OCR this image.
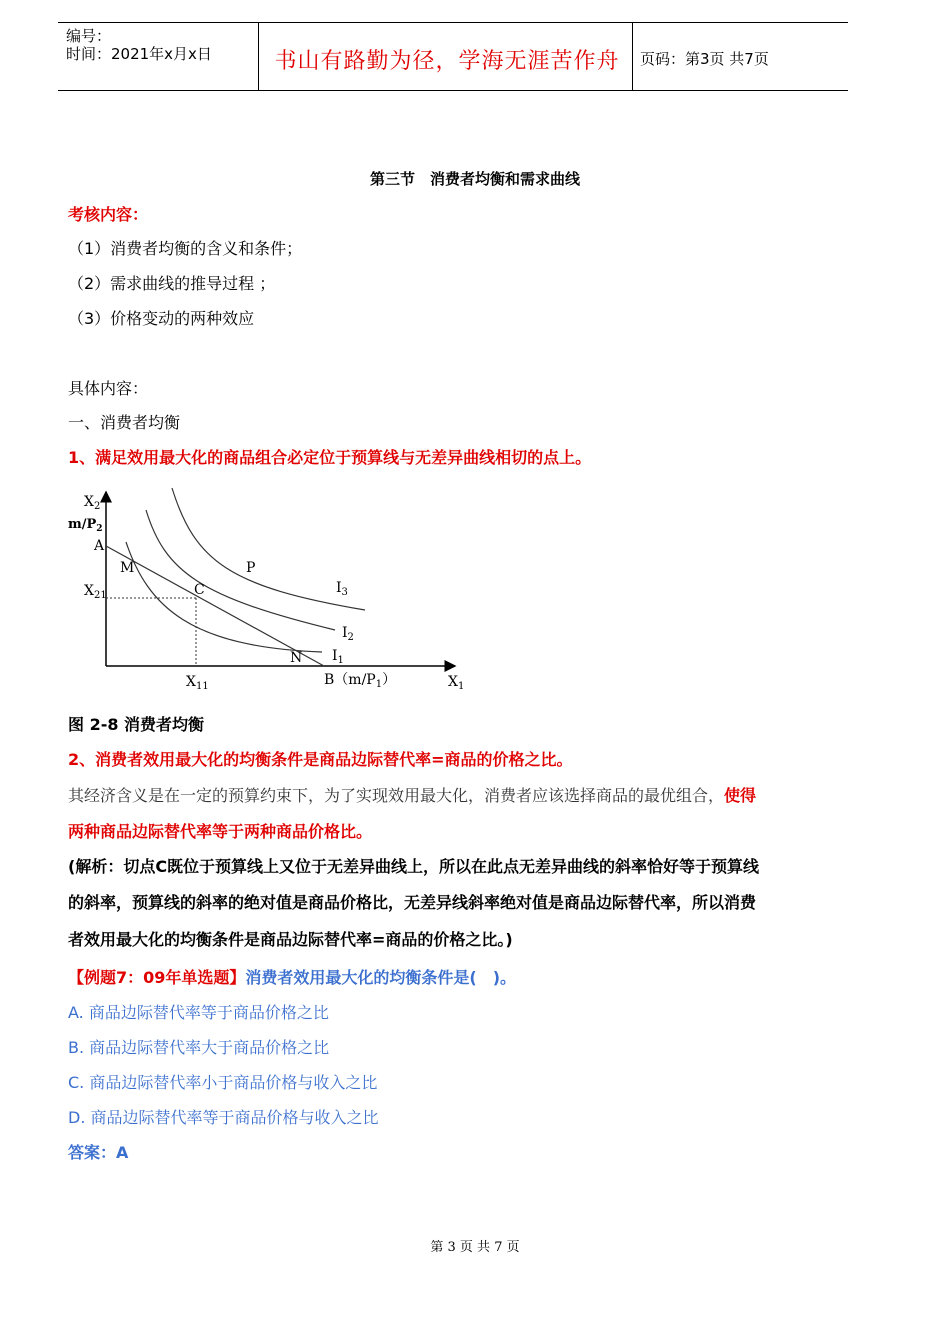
编号：
时间：2021年x月x日	书山有路勤为径，学海无涯苦作舟	页码：第3页 共7页
第三节　消费者均衡和需求曲线
考核内容：
（1）消费者均衡的含义和条件；
（2）需求曲线的推导过程 ；
（3）价格变动的两种效应
具体内容：
一、消费者均衡
1、满足效用最大化的商品组合必定位于预算线与无差异曲线相切的点上。
$X_2$
$m/P_2$
A
M	P
C
N
$X_{21}$
$X_{11}$	$B(m/P_1)$	$X_1$
$I_1$
$I_2$
$I_3$
图 2-8 消费者均衡
2、消费者效用最大化的均衡条件是商品边际替代率=商品的价格之比。
其经济含义是在一定的预算约束下，为了实现效用最大化，消费者应该选择商品的最优组合，使得
两种商品边际替代率等于两种商品价格比。
(解析：切点C既位于预算线上又位于无差异曲线上，所以在此点无差异曲线的斜率恰好等于预算线
的斜率，预算线的斜率的绝对值是商品价格比，无差异线斜率绝对值是商品边际替代率，所以消费
者效用最大化的均衡条件是商品边际替代率=商品的价格之比。)
【例题7：09年单选题】消费者效用最大化的均衡条件是(　)。
A. 商品边际替代率等于商品价格之比
B. 商品边际替代率大于商品价格之比
C. 商品边际替代率小于商品价格与收入之比
D. 商品边际替代率等于商品价格与收入之比
答案：A
第 3 页 共 7 页
